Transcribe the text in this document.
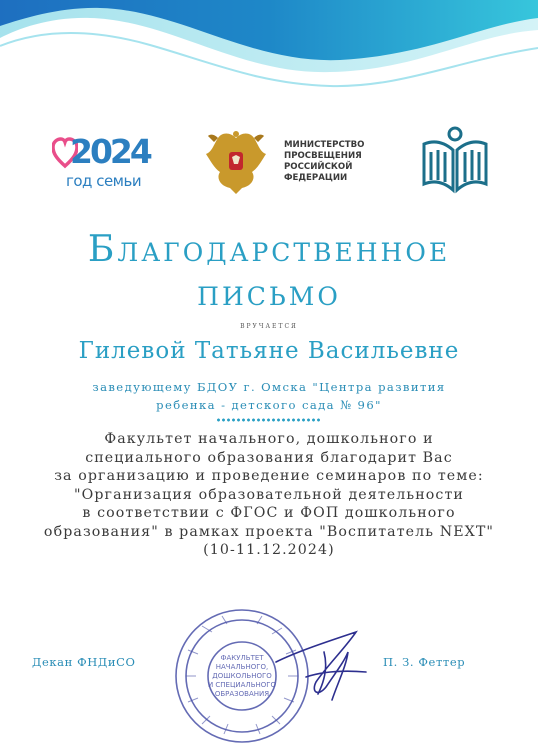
2024
год семьи
МИНИСТЕРСТВО
ПРОСВЕЩЕНИЯ
РОССИЙСКОЙ
ФЕДЕРАЦИИ
Благодарственное
письмо
вручается
Гилевой Татьяне Васильевне
заведующему БДОУ г. Омска "Центра развития
ребенка - детского сада № 96"
Факультет начального, дошкольного и
специального образования благодарит Вас
за организацию и проведение семинаров по теме:
"Организация образовательной деятельности
в соответствии с ФГОС и ФОП дошкольного
образования" в рамках проекта "Воспитатель NEXT"
(10-11.12.2024)
Декан ФНДиСО	ФАКУЛЬТЕТ
НАЧАЛЬНОГО,
ДОШКОЛЬНОГО
И СПЕЦИАЛЬНОГО
ОБРАЗОВАНИЯ
П. З. Феттер
